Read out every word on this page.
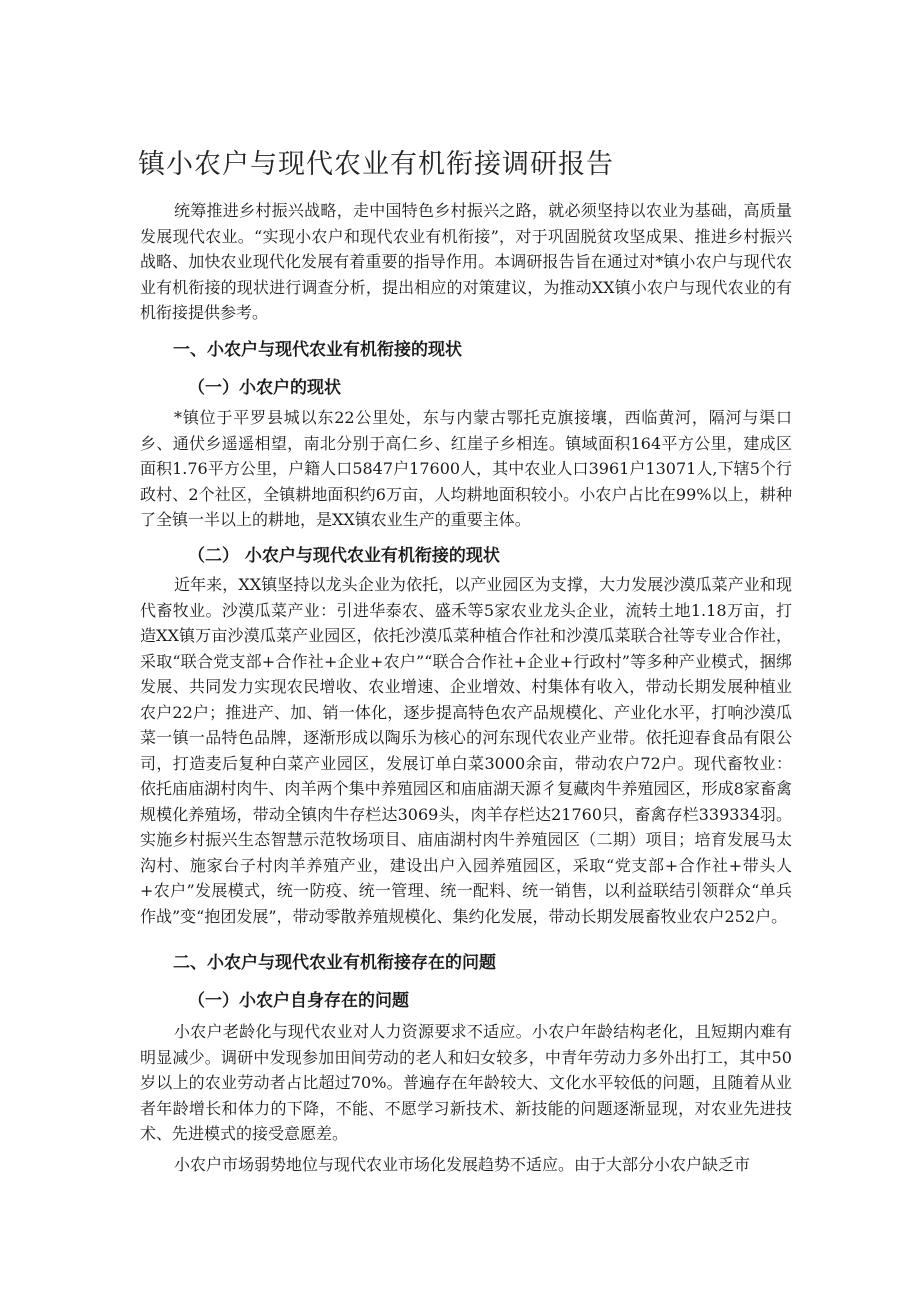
镇小农户与现代农业有机衔接调研报告

统筹推进乡村振兴战略，走中国特色乡村振兴之路，就必须坚持以农业为基础，高质量发展现代农业。“实现小农户和现代农业有机衔接”，对于巩固脱贫攻坚成果、推进乡村振兴战略、加快农业现代化发展有着重要的指导作用。本调研报告旨在通过对*镇小农户与现代农业有机衔接的现状进行调查分析，提出相应的对策建议，为推动XX镇小农户与现代农业的有机衔接提供参考。

一、小农户与现代农业有机衔接的现状
（一）小农户的现状

*镇位于平罗县城以东22公里处，东与内蒙古鄂托克旗接壤，西临黄河，隔河与渠口乡、通伏乡遥遥相望，南北分别于高仁乡、红崖子乡相连。镇域面积164平方公里，建成区面积1.76平方公里，户籍人口5847户17600人，其中农业人口3961户13071人,下辖5个行政村、2个社区，全镇耕地面积约6万亩，人均耕地面积较小。小农户占比在99%以上，耕种了全镇一半以上的耕地，是XX镇农业生产的重要主体。

（二） 小农户与现代农业有机衔接的现状

近年来，XX镇坚持以龙头企业为依托，以产业园区为支撑，大力发展沙漠瓜菜产业和现代畜牧业。沙漠瓜菜产业：引进华泰农、盛禾等5家农业龙头企业，流转土地1.18万亩，打造XX镇万亩沙漠瓜菜产业园区，依托沙漠瓜菜种植合作社和沙漠瓜菜联合社等专业合作社，采取“联合党支部+合作社+企业+农户”“联合合作社+企业+行政村”等多种产业模式，捆绑发展、共同发力实现农民增收、农业增速、企业增效、村集体有收入，带动长期发展种植业农户22户；推进产、加、销一体化，逐步提高特色农产品规模化、产业化水平，打响沙漠瓜菜一镇一品特色品牌，逐渐形成以陶乐为核心的河东现代农业产业带。依托迎春食品有限公司，打造麦后复种白菜产业园区，发展订单白菜3000余亩，带动农户72户。现代畜牧业：依托庙庙湖村肉牛、肉羊两个集中养殖园区和庙庙湖天源彳复藏肉牛养殖园区，形成8家畜禽规模化养殖场，带动全镇肉牛存栏达3069头，肉羊存栏达21760只，畜禽存栏339334羽。实施乡村振兴生态智慧示范牧场项目、庙庙湖村肉牛养殖园区（二期）项目；培育发展马太沟村、施家台子村肉羊养殖产业，建设出户入园养殖园区，采取“党支部+合作社+带头人+农户”发展模式，统一防疫、统一管理、统一配料、统一销售，以利益联结引领群众“单兵作战”变“抱团发展”，带动零散养殖规模化、集约化发展，带动长期发展畜牧业农户252户。

二、小农户与现代农业有机衔接存在的问题
（一）小农户自身存在的问题

小农户老龄化与现代农业对人力资源要求不适应。小农户年龄结构老化，且短期内难有明显减少。调研中发现参加田间劳动的老人和妇女较多，中青年劳动力多外出打工，其中50岁以上的农业劳动者占比超过70%。普遍存在年龄较大、文化水平较低的问题，且随着从业者年龄增长和体力的下降，不能、不愿学习新技术、新技能的问题逐渐显现，对农业先进技术、先进模式的接受意愿差。

小农户市场弱势地位与现代农业市场化发展趋势不适应。由于大部分小农户缺乏市
